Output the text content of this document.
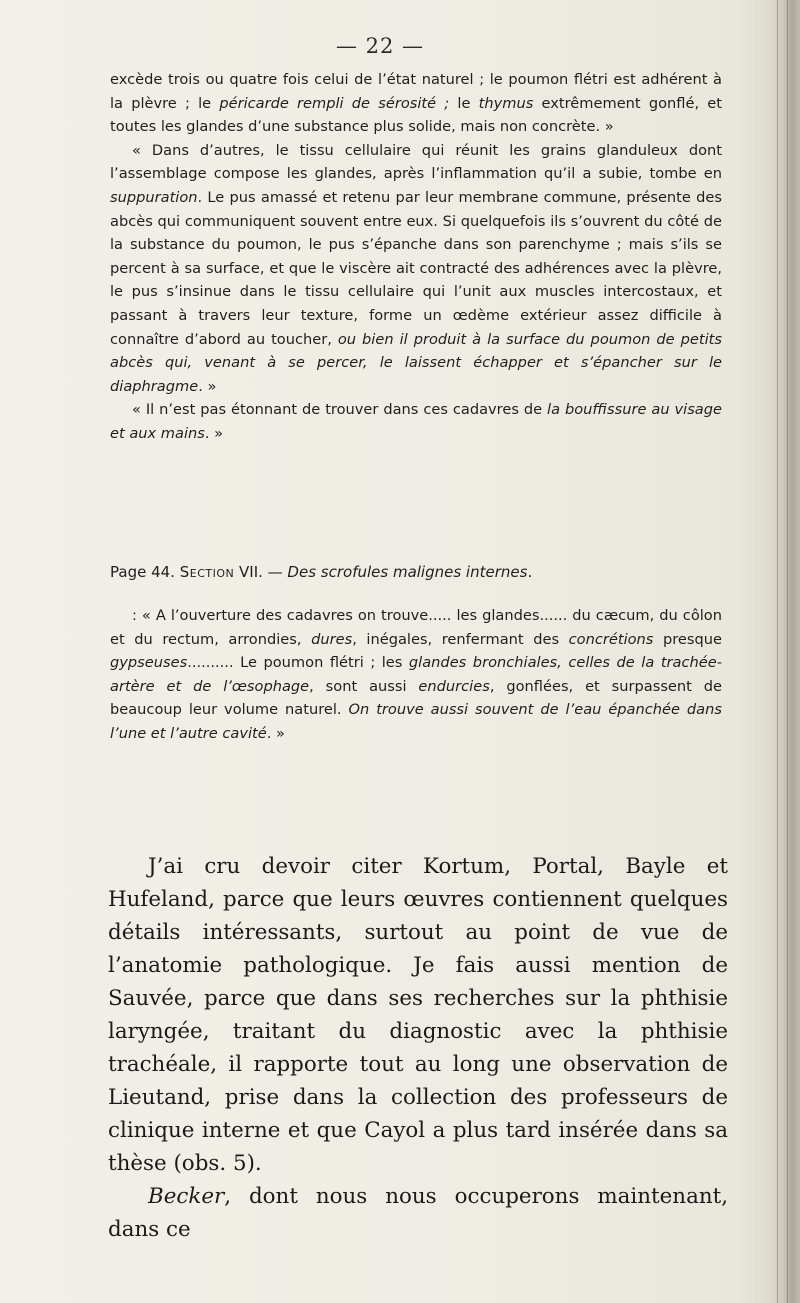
— 22 —

excède trois ou quatre fois celui de l’état naturel ; le poumon flétri est adhérent à la plèvre ; le péricarde rempli de sérosité ; le thymus extrêmement gonflé, et toutes les glandes d’une substance plus solide, mais non concrète. »

« Dans d’autres, le tissu cellulaire qui réunit les grains glanduleux dont l’assemblage compose les glandes, après l’inflammation qu’il a subie, tombe en suppuration. Le pus amassé et retenu par leur membrane commune, présente des abcès qui communiquent souvent entre eux. Si quelquefois ils s’ouvrent du côté de la substance du poumon, le pus s’épanche dans son parenchyme ; mais s’ils se percent à sa surface, et que le viscère ait contracté des adhérences avec la plèvre, le pus s’insinue dans le tissu cellulaire qui l’unit aux muscles intercostaux, et passant à travers leur texture, forme un œdème extérieur assez difficile à connaître d’abord au toucher, ou bien il produit à la surface du poumon de petits abcès qui, venant à se percer, le laissent échapper et s’épancher sur le diaphragme. »

« Il n’est pas étonnant de trouver dans ces cadavres de la bouffissure au visage et aux mains. »

Page 44. Section VII. — Des scrofules malignes internes.

: « A l’ouverture des cadavres on trouve..... les glandes...... du cæcum, du côlon et du rectum, arrondies, dures, inégales, renfermant des concrétions presque gypseuses.......... Le poumon flétri ; les glandes bronchiales, celles de la trachée-artère et de l’œsophage, sont aussi endurcies, gonflées, et surpassent de beaucoup leur volume naturel. On trouve aussi souvent de l’eau épanchée dans l’une et l’autre cavité. »

J’ai cru devoir citer Kortum, Portal, Bayle et Hufeland, parce que leurs œuvres contiennent quelques détails intéressants, surtout au point de vue de l’anatomie pathologique. Je fais aussi mention de Sauvée, parce que dans ses recherches sur la phthisie laryngée, traitant du diagnostic avec la phthisie trachéale, il rapporte tout au long une observation de Lieutand, prise dans la collection des professeurs de clinique interne et que Cayol a plus tard insérée dans sa thèse (obs. 5).

Becker, dont nous nous occuperons maintenant, dans ce
